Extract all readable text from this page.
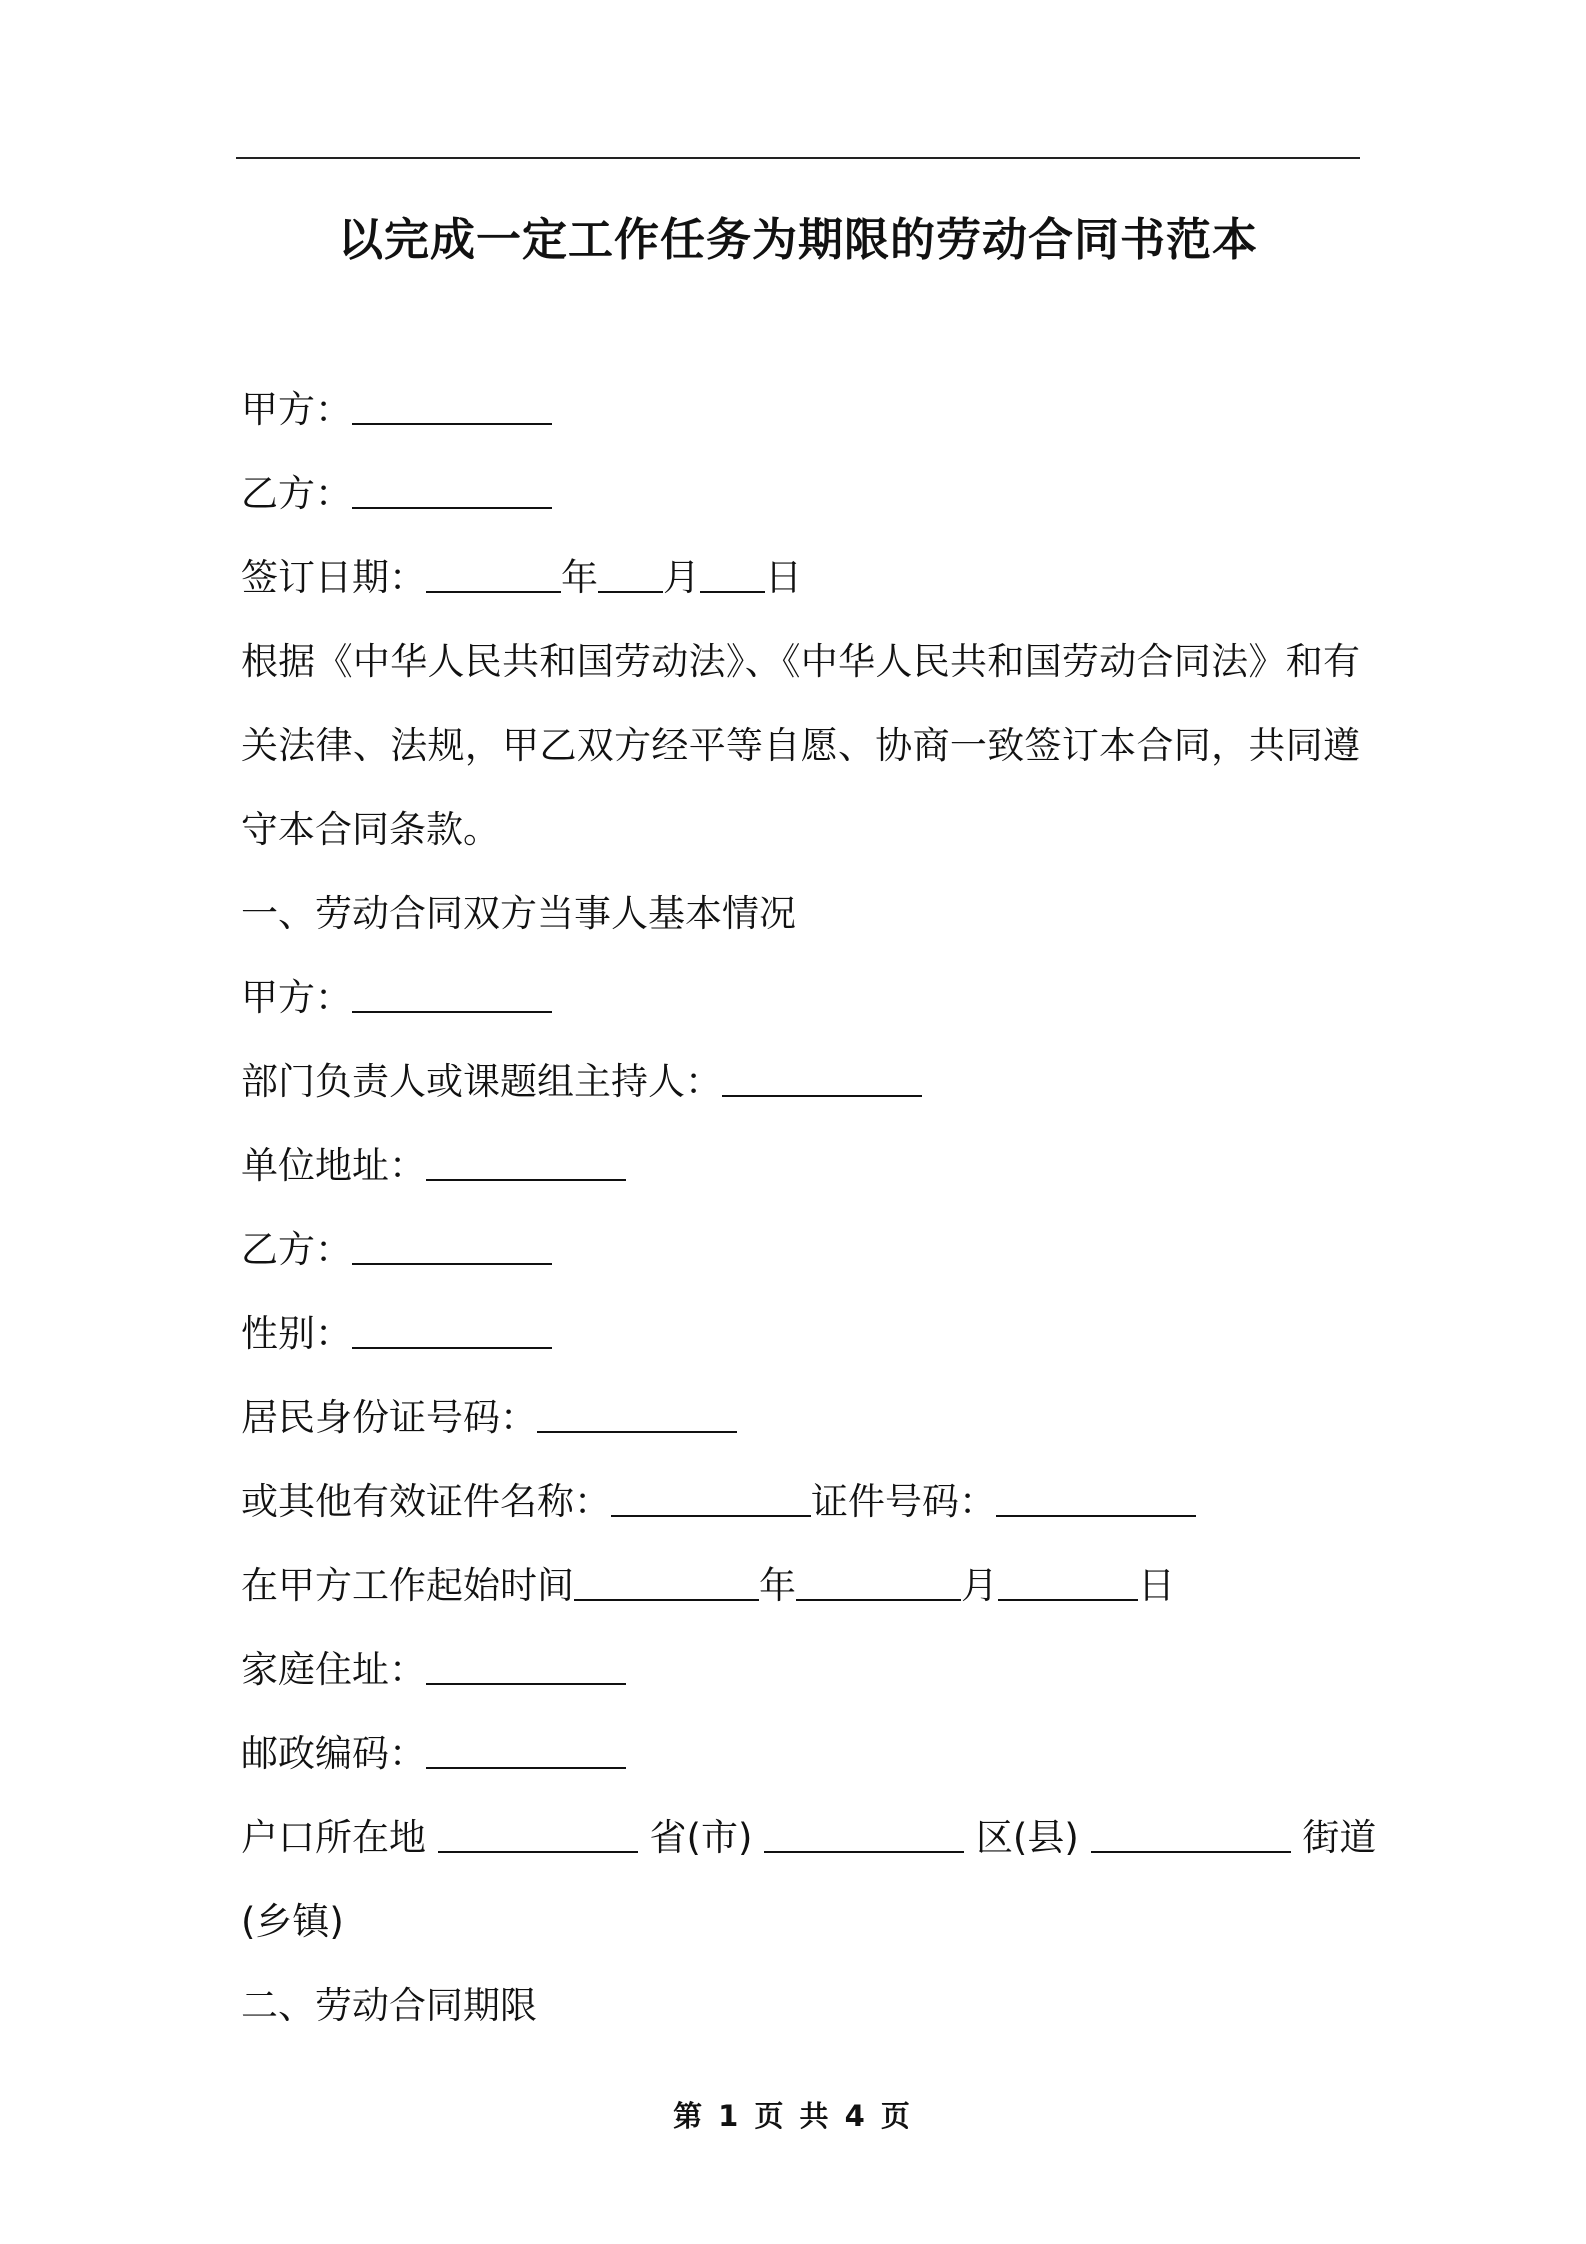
以完成一定工作任务为期限的劳动合同书范本
甲方：
乙方：
签订日期：	年 月 日
根据《中华人民共和国劳动法》、《中华人民共和国劳动合同法》和有
关法律、法规，甲乙双方经平等自愿、协商一致签订本合同，共同遵
守本合同条款。
一、劳动合同双方当事人基本情况
甲方：
部门负责人或课题组主持人：
单位地址：
乙方：
性别：
居民身份证号码：
或其他有效证件名称：	证件号码：
在甲方工作起始时间	年	月	日
家庭住址：
邮政编码：
户口所在地	省(市)	区(县)	街道
(乡镇)
二、劳动合同期限
第 1 页 共 4 页
